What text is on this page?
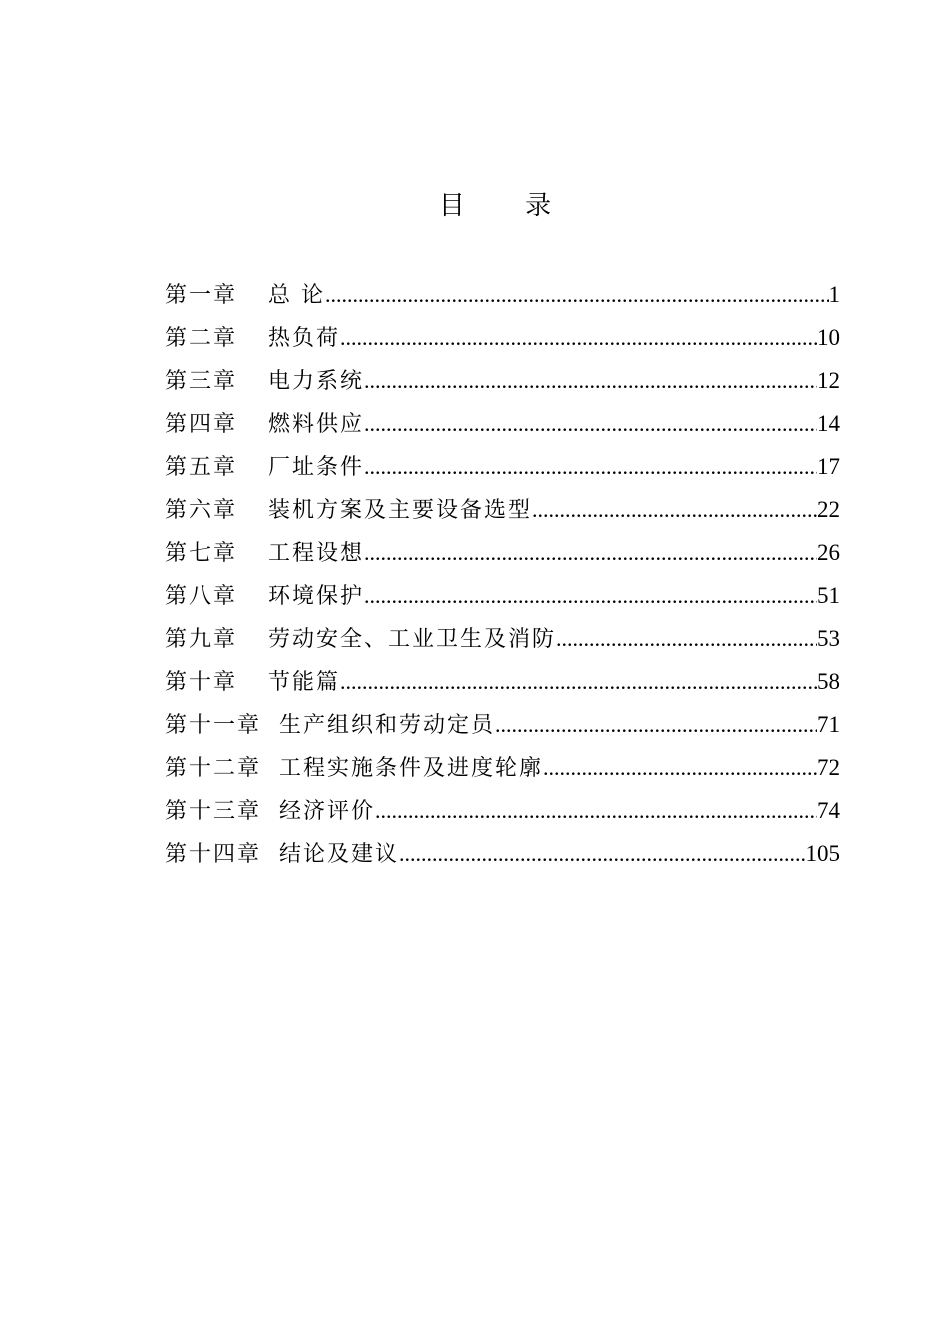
目 录
第一章	总 论 .....	1
第二章	热负荷 .....	10
第三章	电力系统 .....	12
第四章	燃料供应 .....	14
第五章	厂址条件 .....	17
第六章	装机方案及主要设备选型 .....	22
第七章	工程设想 .....	26
第八章	环境保护 .....	51
第九章	劳动安全、工业卫生及消防 .....	53
第十章	节能篇 .....	58
第十一章 生产组织和劳动定员 .....	71
第十二章 工程实施条件及进度轮廓 .....	72
第十三章 经济评价 .....	74
第十四章 结论及建议 .....	105
